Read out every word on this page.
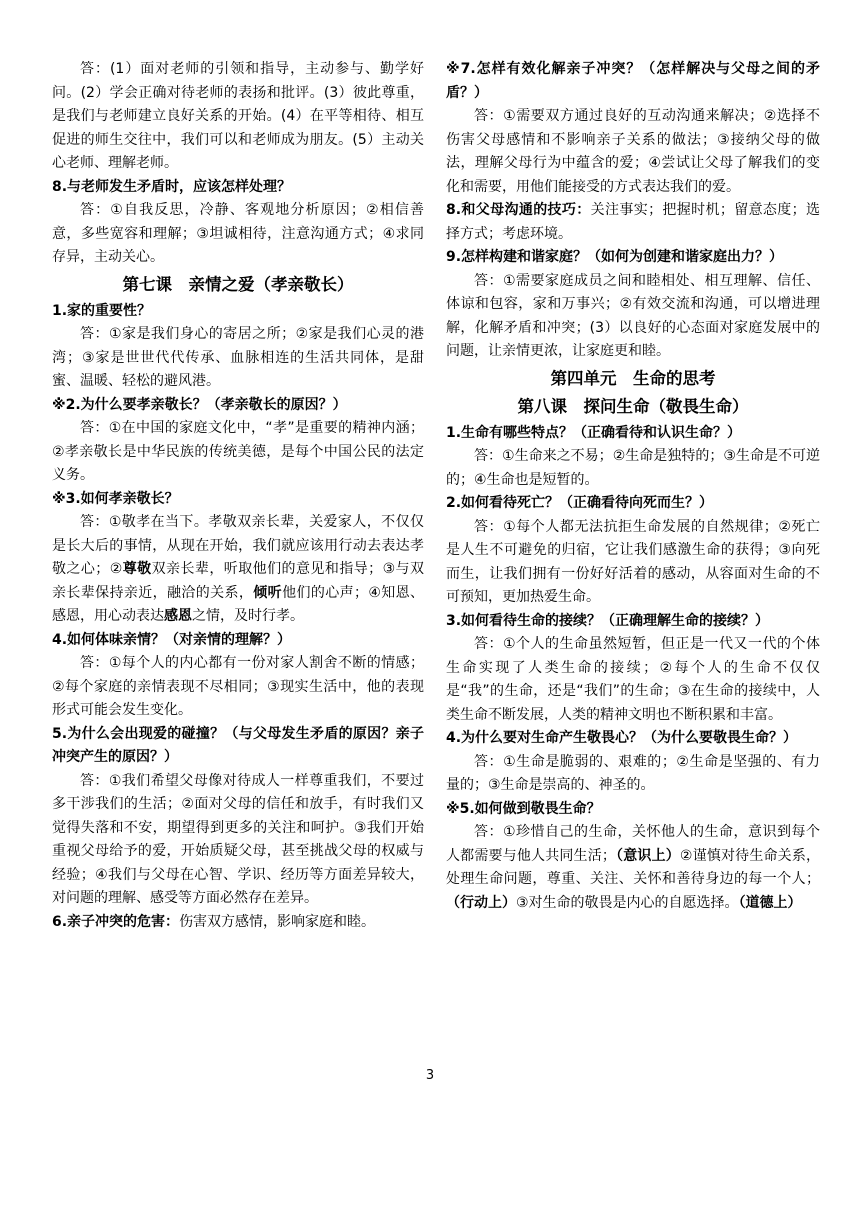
答：(1）面对老师的引领和指导，主动参与、勤学好问。(2）学会正确对待老师的表扬和批评。(3）彼此尊重，是我们与老师建立良好关系的开始。(4）在平等相待、相互促进的师生交往中，我们可以和老师成为朋友。(5）主动关心老师、理解老师。

8.与老师发生矛盾时，应该怎样处理？

答：①自我反思，冷静、客观地分析原因；②相信善意，多些宽容和理解；③坦诚相待，注意沟通方式；④求同存异，主动关心。

第七课　亲情之爱（孝亲敬长）

1.家的重要性？

答：①家是我们身心的寄居之所；②家是我们心灵的港湾；③家是世世代代传承、血脉相连的生活共同体，是甜蜜、温暖、轻松的避风港。

※2.为什么要孝亲敬长？（孝亲敬长的原因？）

答：①在中国的家庭文化中，“孝”是重要的精神内涵；②孝亲敬长是中华民族的传统美德，是每个中国公民的法定义务。

※3.如何孝亲敬长？

答：①敬孝在当下。孝敬双亲长辈，关爱家人，不仅仅是长大后的事情，从现在开始，我们就应该用行动去表达孝敬之心；②尊敬双亲长辈，听取他们的意见和指导；③与双亲长辈保持亲近，融洽的关系，倾听他们的心声；④知恩、感恩，用心动表达感恩之情，及时行孝。

4.如何体味亲情？（对亲情的理解？）

答：①每个人的内心都有一份对家人割舍不断的情感；②每个家庭的亲情表现不尽相同；③现实生活中，他的表现形式可能会发生变化。

5.为什么会出现爱的碰撞？（与父母发生矛盾的原因？亲子冲突产生的原因？）

答：①我们希望父母像对待成人一样尊重我们，不要过多干涉我们的生活；②面对父母的信任和放手，有时我们又觉得失落和不安，期望得到更多的关注和呵护。③我们开始重视父母给予的爱，开始质疑父母，甚至挑战父母的权威与经验；④我们与父母在心智、学识、经历等方面差异较大，对问题的理解、感受等方面必然存在差异。

6.亲子冲突的危害：伤害双方感情，影响家庭和睦。

※7.怎样有效化解亲子冲突？（怎样解决与父母之间的矛盾？）

答：①需要双方通过良好的互动沟通来解决；②选择不伤害父母感情和不影响亲子关系的做法；③接纳父母的做法，理解父母行为中蕴含的爱；④尝试让父母了解我们的变化和需要，用他们能接受的方式表达我们的爱。

8.和父母沟通的技巧：关注事实；把握时机；留意态度；选择方式；考虑环境。

9.怎样构建和谐家庭？（如何为创建和谐家庭出力？）

答：①需要家庭成员之间和睦相处、相互理解、信任、体谅和包容，家和万事兴；②有效交流和沟通，可以增进理解，化解矛盾和冲突；(3）以良好的心态面对家庭发展中的问题，让亲情更浓，让家庭更和睦。

第四单元　生命的思考
第八课　探问生命（敬畏生命）

1.生命有哪些特点？（正确看待和认识生命？）

答：①生命来之不易；②生命是独特的；③生命是不可逆的；④生命也是短暂的。

2.如何看待死亡？（正确看待向死而生？）

答：①每个人都无法抗拒生命发展的自然规律；②死亡是人生不可避免的归宿，它让我们感激生命的获得；③向死而生，让我们拥有一份好好活着的感动，从容面对生命的不可预知，更加热爱生命。

3.如何看待生命的接续？（正确理解生命的接续？）

答：①个人的生命虽然短暂，但正是一代又一代的个体生命实现了人类生命的接续；②每个人的生命不仅仅是“我”的生命，还是“我们”的生命；③在生命的接续中，人类生命不断发展，人类的精神文明也不断积累和丰富。

4.为什么要对生命产生敬畏心？（为什么要敬畏生命？）

答：①生命是脆弱的、艰难的；②生命是坚强的、有力量的；③生命是崇高的、神圣的。

※5.如何做到敬畏生命？

答：①珍惜自己的生命，关怀他人的生命，意识到每个人都需要与他人共同生活；（意识上）②谨慎对待生命关系，处理生命问题，尊重、关注、关怀和善待身边的每一个人；（行动上）③对生命的敬畏是内心的自愿选择。（道德上）

3
